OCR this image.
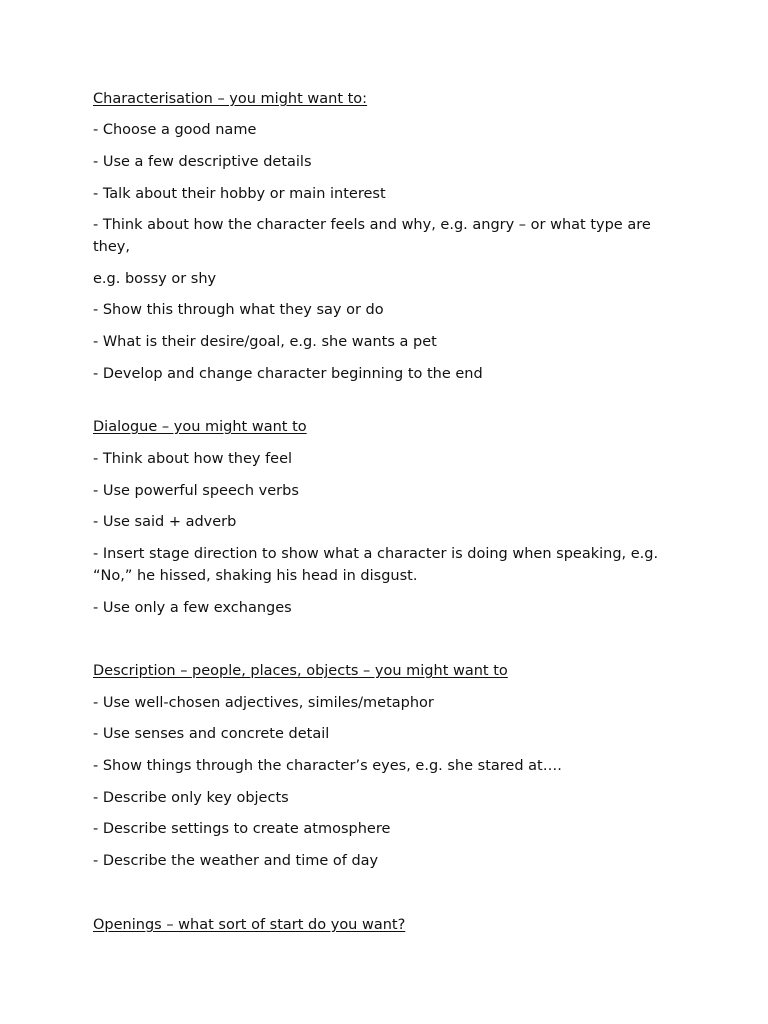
Characterisation – you might want to:
- Choose a good name
- Use a few descriptive details
- Talk about their hobby or main interest
- Think about how the character feels and why, e.g. angry – or what type are they,
e.g. bossy or shy
- Show this through what they say or do
- What is their desire/goal, e.g. she wants a pet
- Develop and change character beginning to the end
Dialogue – you might want to
- Think about how they feel
- Use powerful speech verbs
- Use said + adverb
- Insert stage direction to show what a character is doing when speaking, e.g. “No,” he hissed, shaking his head in disgust.
- Use only a few exchanges
Description – people, places, objects – you might want to
- Use well-chosen adjectives, similes/metaphor
- Use senses and concrete detail
- Show things through the character’s eyes, e.g. she stared at….
- Describe only key objects
- Describe settings to create atmosphere
- Describe the weather and time of day
Openings – what sort of start do you want?
